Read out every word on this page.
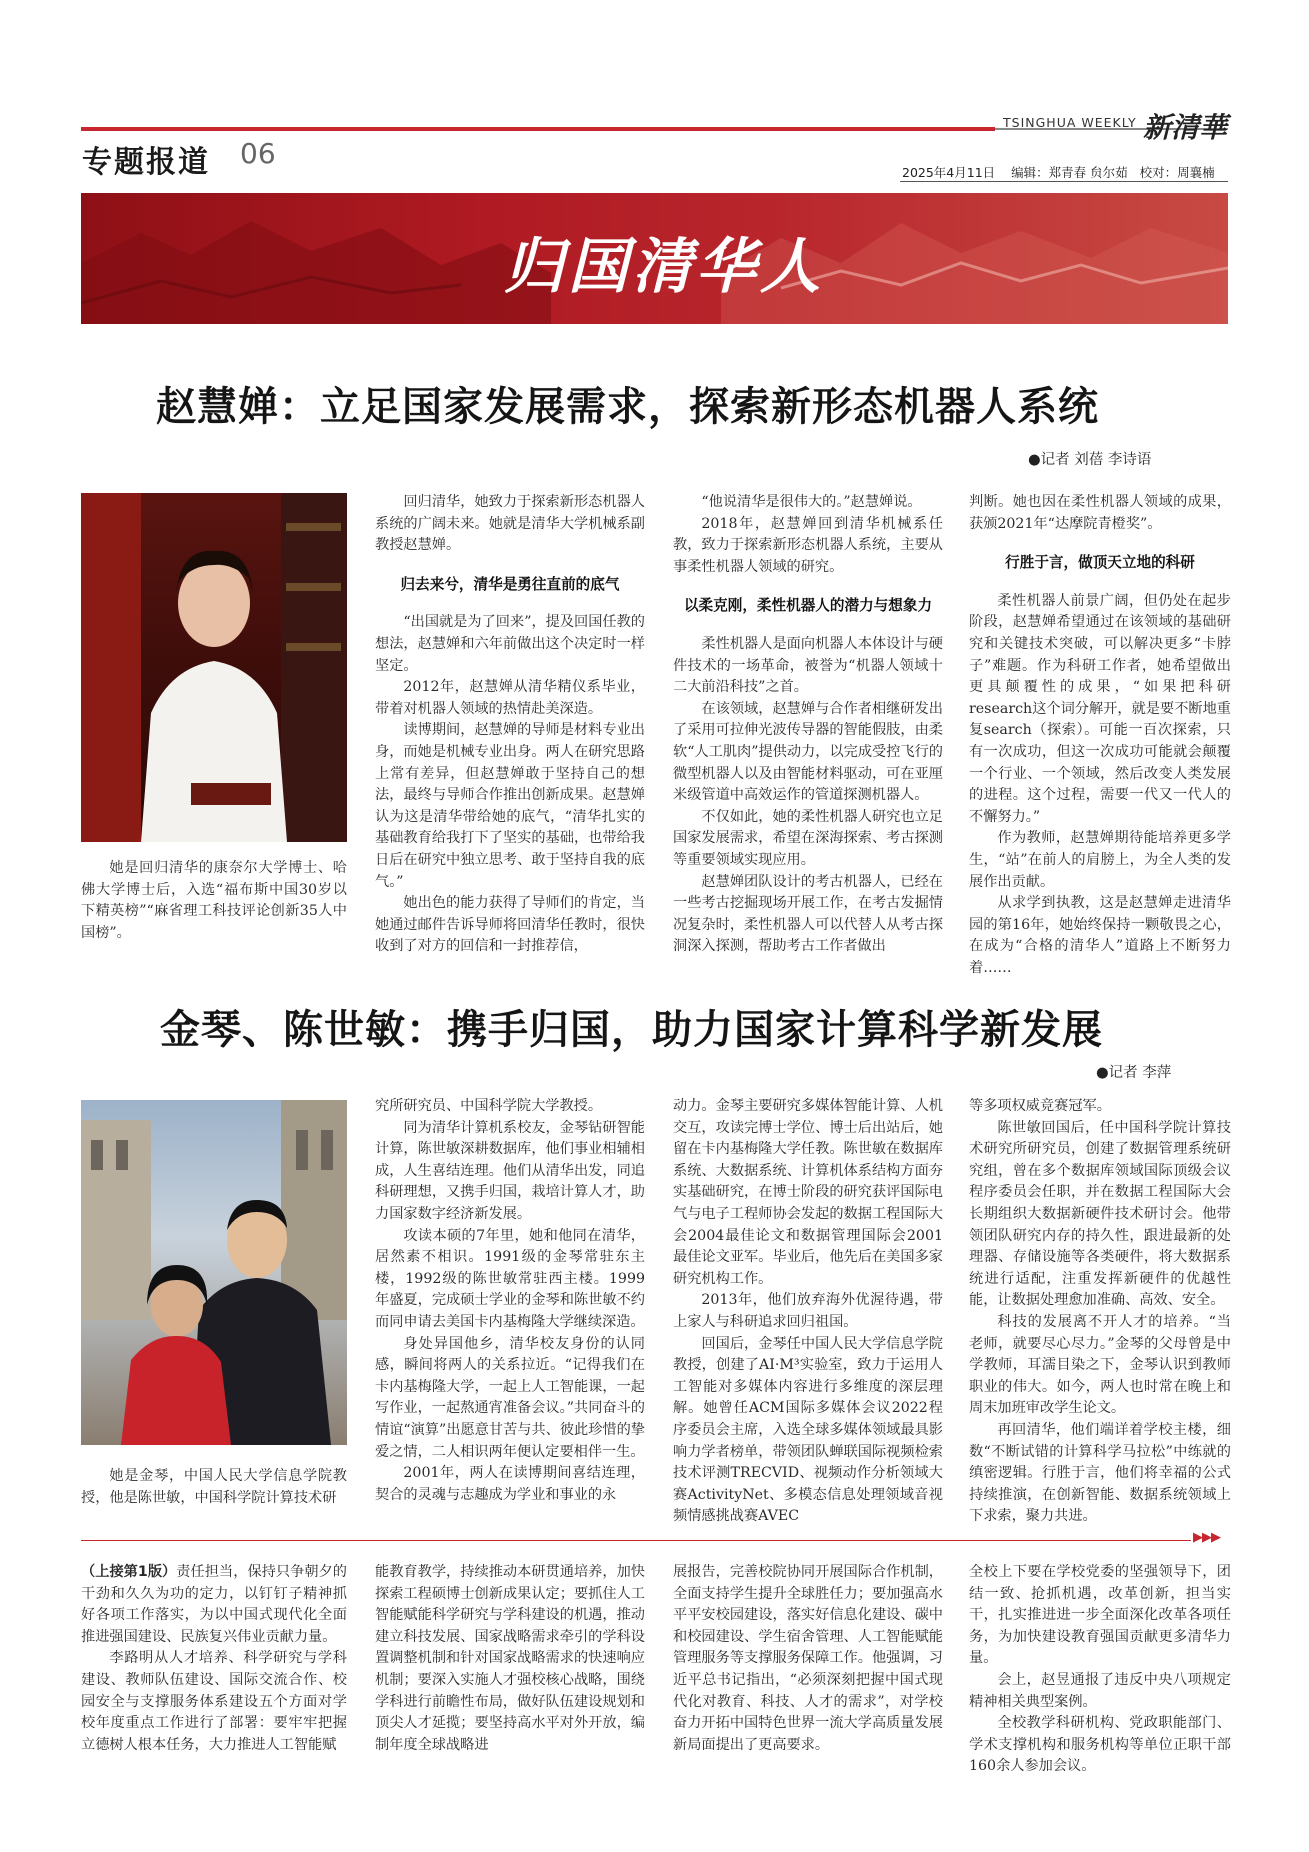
专题报道 06
TSINGHUA WEEKLY 新清華
2025年4月11日 编辑：郑青春 贠尔茹 校对：周襄楠
归国清华人
赵慧婵：立足国家发展需求，探索新形态机器人系统
●记者 刘蓓 李诗语

她是回归清华的康奈尔大学博士、哈佛大学博士后，入选“福布斯中国30岁以下精英榜”“麻省理工科技评论创新35人中国榜”。

回归清华，她致力于探索新形态机器人系统的广阔未来。她就是清华大学机械系副教授赵慧婵。

归去来兮，清华是勇往直前的底气

“出国就是为了回来”，提及回国任教的想法，赵慧婵和六年前做出这个决定时一样坚定。

2012年，赵慧婵从清华精仪系毕业，带着对机器人领域的热情赴美深造。

读博期间，赵慧婵的导师是材料专业出身，而她是机械专业出身。两人在研究思路上常有差异，但赵慧婵敢于坚持自己的想法，最终与导师合作推出创新成果。赵慧婵认为这是清华带给她的底气，“清华扎实的基础教育给我打下了坚实的基础，也带给我日后在研究中独立思考、敢于坚持自我的底气。”

她出色的能力获得了导师们的肯定，当她通过邮件告诉导师将回清华任教时，很快收到了对方的回信和一封推荐信，

“他说清华是很伟大的。”赵慧婵说。

2018年，赵慧婵回到清华机械系任教，致力于探索新形态机器人系统，主要从事柔性机器人领域的研究。

以柔克刚，柔性机器人的潜力与想象力

柔性机器人是面向机器人本体设计与硬件技术的一场革命，被誉为“机器人领域十二大前沿科技”之首。

在该领域，赵慧婵与合作者相继研发出了采用可拉伸光波传导器的智能假肢，由柔软“人工肌肉”提供动力，以完成受控飞行的微型机器人以及由智能材料驱动，可在亚厘米级管道中高效运作的管道探测机器人。

不仅如此，她的柔性机器人研究也立足国家发展需求，希望在深海探索、考古探测等重要领域实现应用。

赵慧婵团队设计的考古机器人，已经在一些考古挖掘现场开展工作，在考古发掘情况复杂时，柔性机器人可以代替人从考古探洞深入探测，帮助考古工作者做出

判断。她也因在柔性机器人领域的成果，获颁2021年“达摩院青橙奖”。

行胜于言，做顶天立地的科研

柔性机器人前景广阔，但仍处在起步阶段，赵慧婵希望通过在该领域的基础研究和关键技术突破，可以解决更多“卡脖子”难题。作为科研工作者，她希望做出更具颠覆性的成果，“如果把科研research这个词分解开，就是要不断地重复search（探索）。可能一百次探索，只有一次成功，但这一次成功可能就会颠覆一个行业、一个领域，然后改变人类发展的进程。这个过程，需要一代又一代人的不懈努力。”

作为教师，赵慧婵期待能培养更多学生，“站”在前人的肩膀上，为全人类的发展作出贡献。

从求学到执教，这是赵慧婵走进清华园的第16年，她始终保持一颗敬畏之心，在成为“合格的清华人”道路上不断努力着……

金琴、陈世敏：携手归国，助力国家计算科学新发展
●记者 李萍

她是金琴，中国人民大学信息学院教授，他是陈世敏，中国科学院计算技术研

究所研究员、中国科学院大学教授。

同为清华计算机系校友，金琴钻研智能计算，陈世敏深耕数据库，他们事业相辅相成，人生喜结连理。他们从清华出发，同追科研理想，又携手归国，栽培计算人才，助力国家数字经济新发展。

攻读本硕的7年里，她和他同在清华，居然素不相识。1991级的金琴常驻东主楼，1992级的陈世敏常驻西主楼。1999年盛夏，完成硕士学业的金琴和陈世敏不约而同申请去美国卡内基梅隆大学继续深造。

身处异国他乡，清华校友身份的认同感，瞬间将两人的关系拉近。“记得我们在卡内基梅隆大学，一起上人工智能课，一起写作业，一起熬通宵准备会议。”共同奋斗的情谊“演算”出愿意甘苦与共、彼此珍惜的挚爱之情，二人相识两年便认定要相伴一生。

2001年，两人在读博期间喜结连理，契合的灵魂与志趣成为学业和事业的永

动力。金琴主要研究多媒体智能计算、人机交互，攻读完博士学位、博士后出站后，她留在卡内基梅隆大学任教。陈世敏在数据库系统、大数据系统、计算机体系结构方面夯实基础研究，在博士阶段的研究获评国际电气与电子工程师协会发起的数据工程国际大会2004最佳论文和数据管理国际会2001最佳论文亚军。毕业后，他先后在美国多家研究机构工作。

2013年，他们放弃海外优渥待遇，带上家人与科研追求回归祖国。

回国后，金琴任中国人民大学信息学院教授，创建了AI·M³实验室，致力于运用人工智能对多媒体内容进行多维度的深层理解。她曾任ACM国际多媒体会议2022程序委员会主席，入选全球多媒体领域最具影响力学者榜单，带领团队蝉联国际视频检索技术评测TRECVID、视频动作分析领域大赛ActivityNet、多模态信息处理领域音视频情感挑战赛AVEC

等多项权威竞赛冠军。

陈世敏回国后，任中国科学院计算技术研究所研究员，创建了数据管理系统研究组，曾在多个数据库领域国际顶级会议程序委员会任职，并在数据工程国际大会长期组织大数据新硬件技术研讨会。他带领团队研究内存的持久性，跟进最新的处理器、存储设施等各类硬件，将大数据系统进行适配，注重发挥新硬件的优越性能，让数据处理愈加准确、高效、安全。

科技的发展离不开人才的培养。“当老师，就要尽心尽力。”金琴的父母曾是中学教师，耳濡目染之下，金琴认识到教师职业的伟大。如今，两人也时常在晚上和周末加班审改学生论文。

再回清华，他们端详着学校主楼，细数“不断试错的计算科学马拉松”中练就的缜密逻辑。行胜于言，他们将幸福的公式持续推演，在创新智能、数据系统领域上下求索，聚力共进。

▶▶▶

（上接第1版）责任担当，保持只争朝夕的干劲和久久为功的定力，以钉钉子精神抓好各项工作落实，为以中国式现代化全面推进强国建设、民族复兴伟业贡献力量。

李路明从人才培养、科学研究与学科建设、教师队伍建设、国际交流合作、校园安全与支撑服务体系建设五个方面对学校年度重点工作进行了部署：要牢牢把握立德树人根本任务，大力推进人工智能赋

能教育教学，持续推动本研贯通培养，加快探索工程硕博士创新成果认定；要抓住人工智能赋能科学研究与学科建设的机遇，推动建立科技发展、国家战略需求牵引的学科设置调整机制和针对国家战略需求的快速响应机制；要深入实施人才强校核心战略，围绕学科进行前瞻性布局，做好队伍建设规划和顶尖人才延揽；要坚持高水平对外开放，编制年度全球战略进

展报告，完善校院协同开展国际合作机制，全面支持学生提升全球胜任力；要加强高水平平安校园建设，落实好信息化建设、碳中和校园建设、学生宿舍管理、人工智能赋能管理服务等支撑服务保障工作。他强调，习近平总书记指出，“必须深刻把握中国式现代化对教育、科技、人才的需求”，对学校奋力开拓中国特色世界一流大学高质量发展新局面提出了更高要求。

全校上下要在学校党委的坚强领导下，团结一致、抢抓机遇，改革创新，担当实干，扎实推进进一步全面深化改革各项任务，为加快建设教育强国贡献更多清华力量。

会上，赵昱通报了违反中央八项规定精神相关典型案例。

全校教学科研机构、党政职能部门、学术支撑机构和服务机构等单位正职干部160余人参加会议。
